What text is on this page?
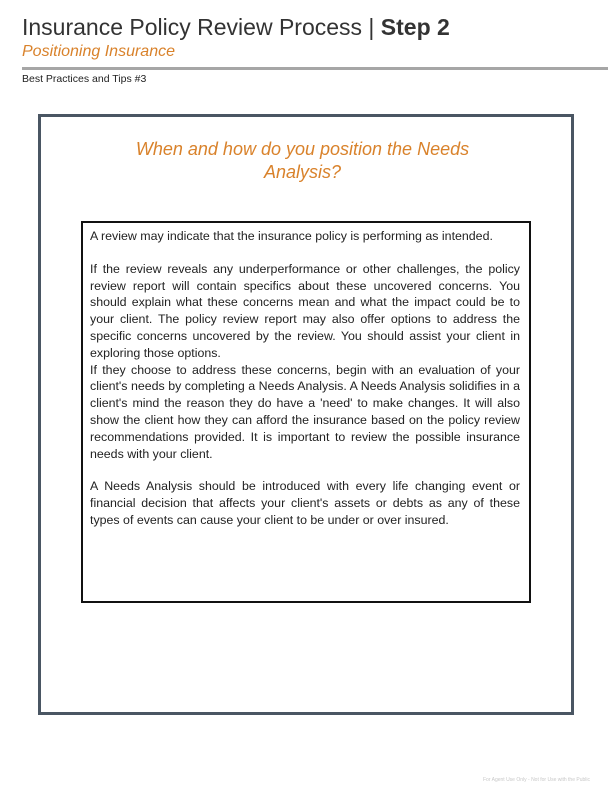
Insurance Policy Review Process | Step 2
Positioning Insurance
Best Practices and Tips #3
When and how do you position the Needs Analysis?

A review may indicate that the insurance policy is performing as intended.

If the review reveals any underperformance or other challenges, the policy review report will contain specifics about these uncovered concerns. You should explain what these concerns mean and what the impact could be to your client. The policy review report may also offer options to address the specific concerns uncovered by the review. You should assist your client in exploring those options.

If they choose to address these concerns, begin with an evaluation of your client's needs by completing a Needs Analysis. A Needs Analysis solidifies in a client's mind the reason they do have a 'need' to make changes. It will also show the client how they can afford the insurance based on the policy review recommendations provided. It is important to review the possible insurance needs with your client.

A Needs Analysis should be introduced with every life changing event or financial decision that affects your client's assets or debts as any of these types of events can cause your client to be under or over insured.

For Agent Use Only - Not for Use with the Public
